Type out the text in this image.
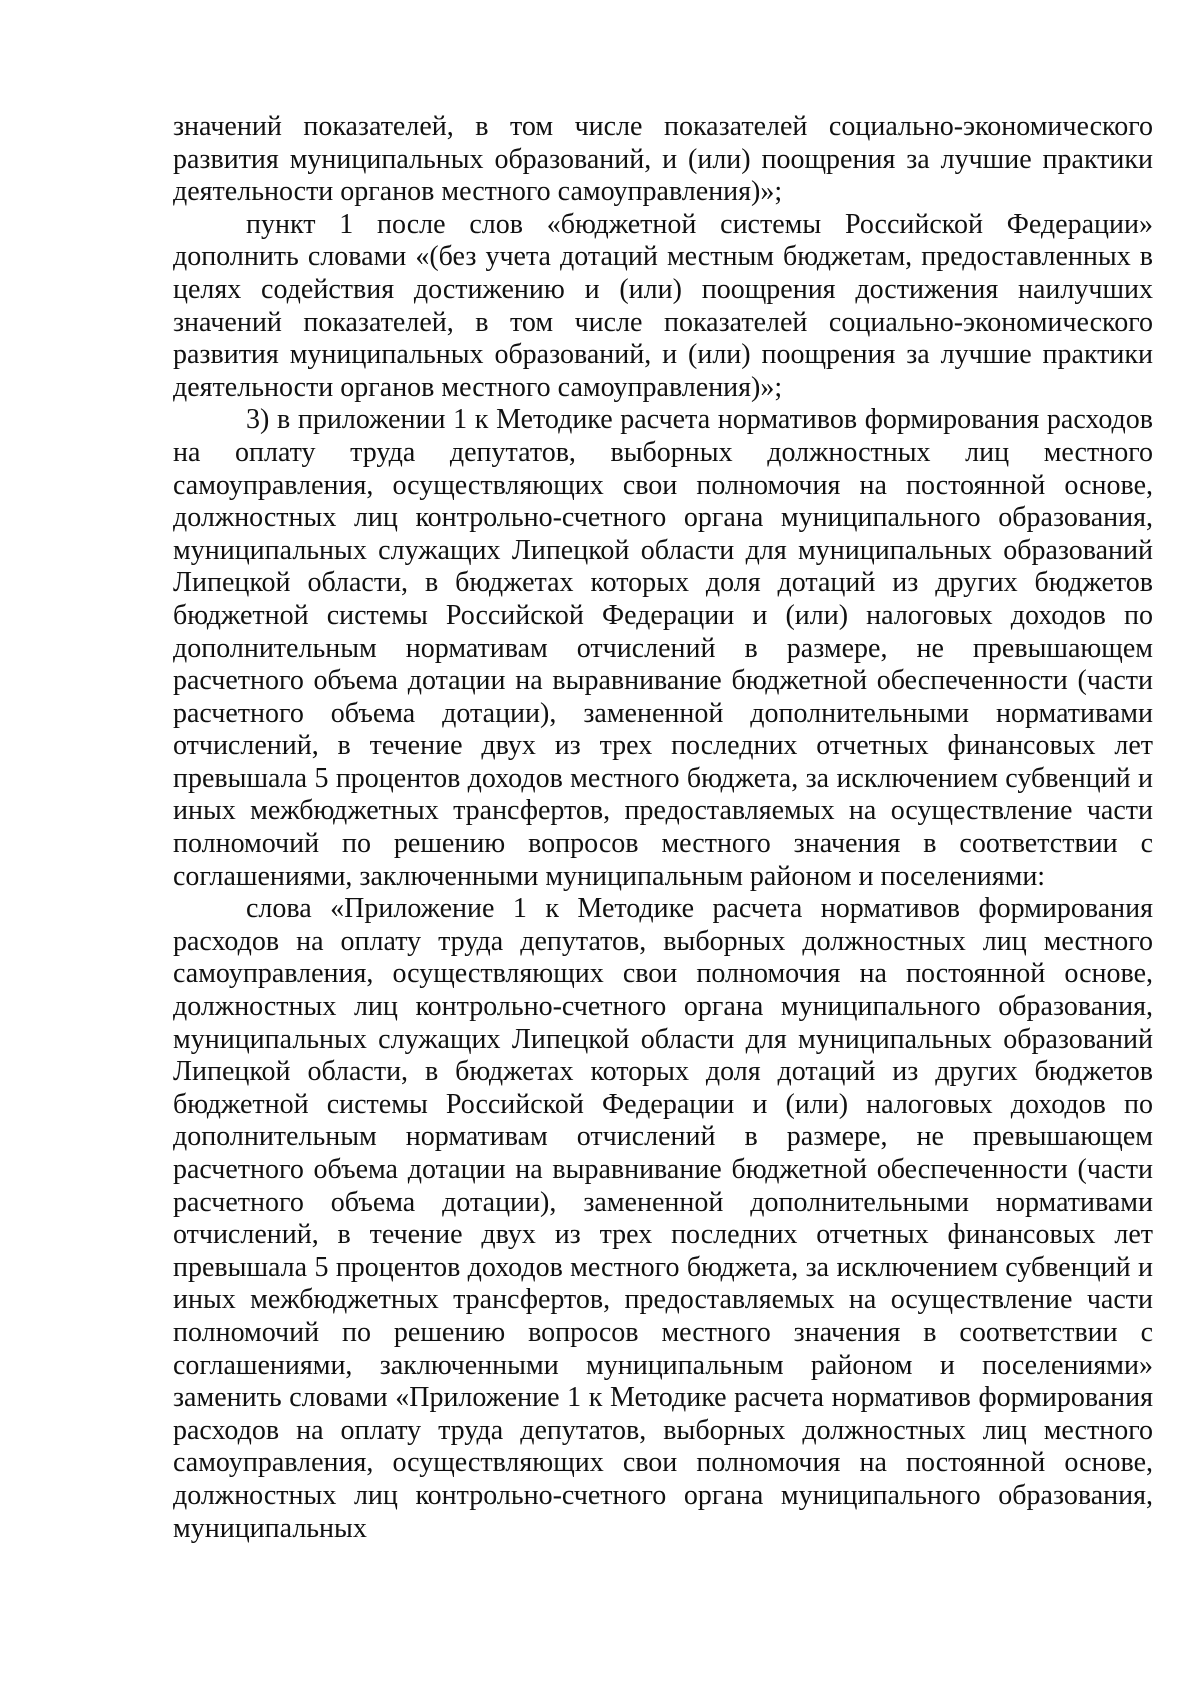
значений показателей, в том числе показателей социально-экономического развития муниципальных образований, и (или) поощрения за лучшие практики деятельности органов местного самоуправления)»;

пункт 1 после слов «бюджетной системы Российской Федерации» дополнить словами «(без учета дотаций местным бюджетам, предоставленных в целях содействия достижению и (или) поощрения достижения наилучших значений показателей, в том числе показателей социально-экономического развития муниципальных образований, и (или) поощрения за лучшие практики деятельности органов местного самоуправления)»;

3) в приложении 1 к Методике расчета нормативов формирования расходов на оплату труда депутатов, выборных должностных лиц местного самоуправления, осуществляющих свои полномочия на постоянной основе, должностных лиц контрольно-счетного органа муниципального образования, муниципальных служащих Липецкой области для муниципальных образований Липецкой области, в бюджетах которых доля дотаций из других бюджетов бюджетной системы Российской Федерации и (или) налоговых доходов по дополнительным нормативам отчислений в размере, не превышающем расчетного объема дотации на выравнивание бюджетной обеспеченности (части расчетного объема дотации), замененной дополнительными нормативами отчислений, в течение двух из трех последних отчетных финансовых лет превышала 5 процентов доходов местного бюджета, за исключением субвенций и иных межбюджетных трансфертов, предоставляемых на осуществление части полномочий по решению вопросов местного значения в соответствии с соглашениями, заключенными муниципальным районом и поселениями:

слова «Приложение 1 к Методике расчета нормативов формирования расходов на оплату труда депутатов, выборных должностных лиц местного самоуправления, осуществляющих свои полномочия на постоянной основе, должностных лиц контрольно-счетного органа муниципального образования, муниципальных служащих Липецкой области для муниципальных образований Липецкой области, в бюджетах которых доля дотаций из других бюджетов бюджетной системы Российской Федерации и (или) налоговых доходов по дополнительным нормативам отчислений в размере, не превышающем расчетного объема дотации на выравнивание бюджетной обеспеченности (части расчетного объема дотации), замененной дополнительными нормативами отчислений, в течение двух из трех последних отчетных финансовых лет превышала 5 процентов доходов местного бюджета, за исключением субвенций и иных межбюджетных трансфертов, предоставляемых на осуществление части полномочий по решению вопросов местного значения в соответствии с соглашениями, заключенными муниципальным районом и поселениями» заменить словами «Приложение 1 к Методике расчета нормативов формирования расходов на оплату труда депутатов, выборных должностных лиц местного самоуправления, осуществляющих свои полномочия на постоянной основе, должностных лиц контрольно-счетного органа муниципального образования, муниципальных
